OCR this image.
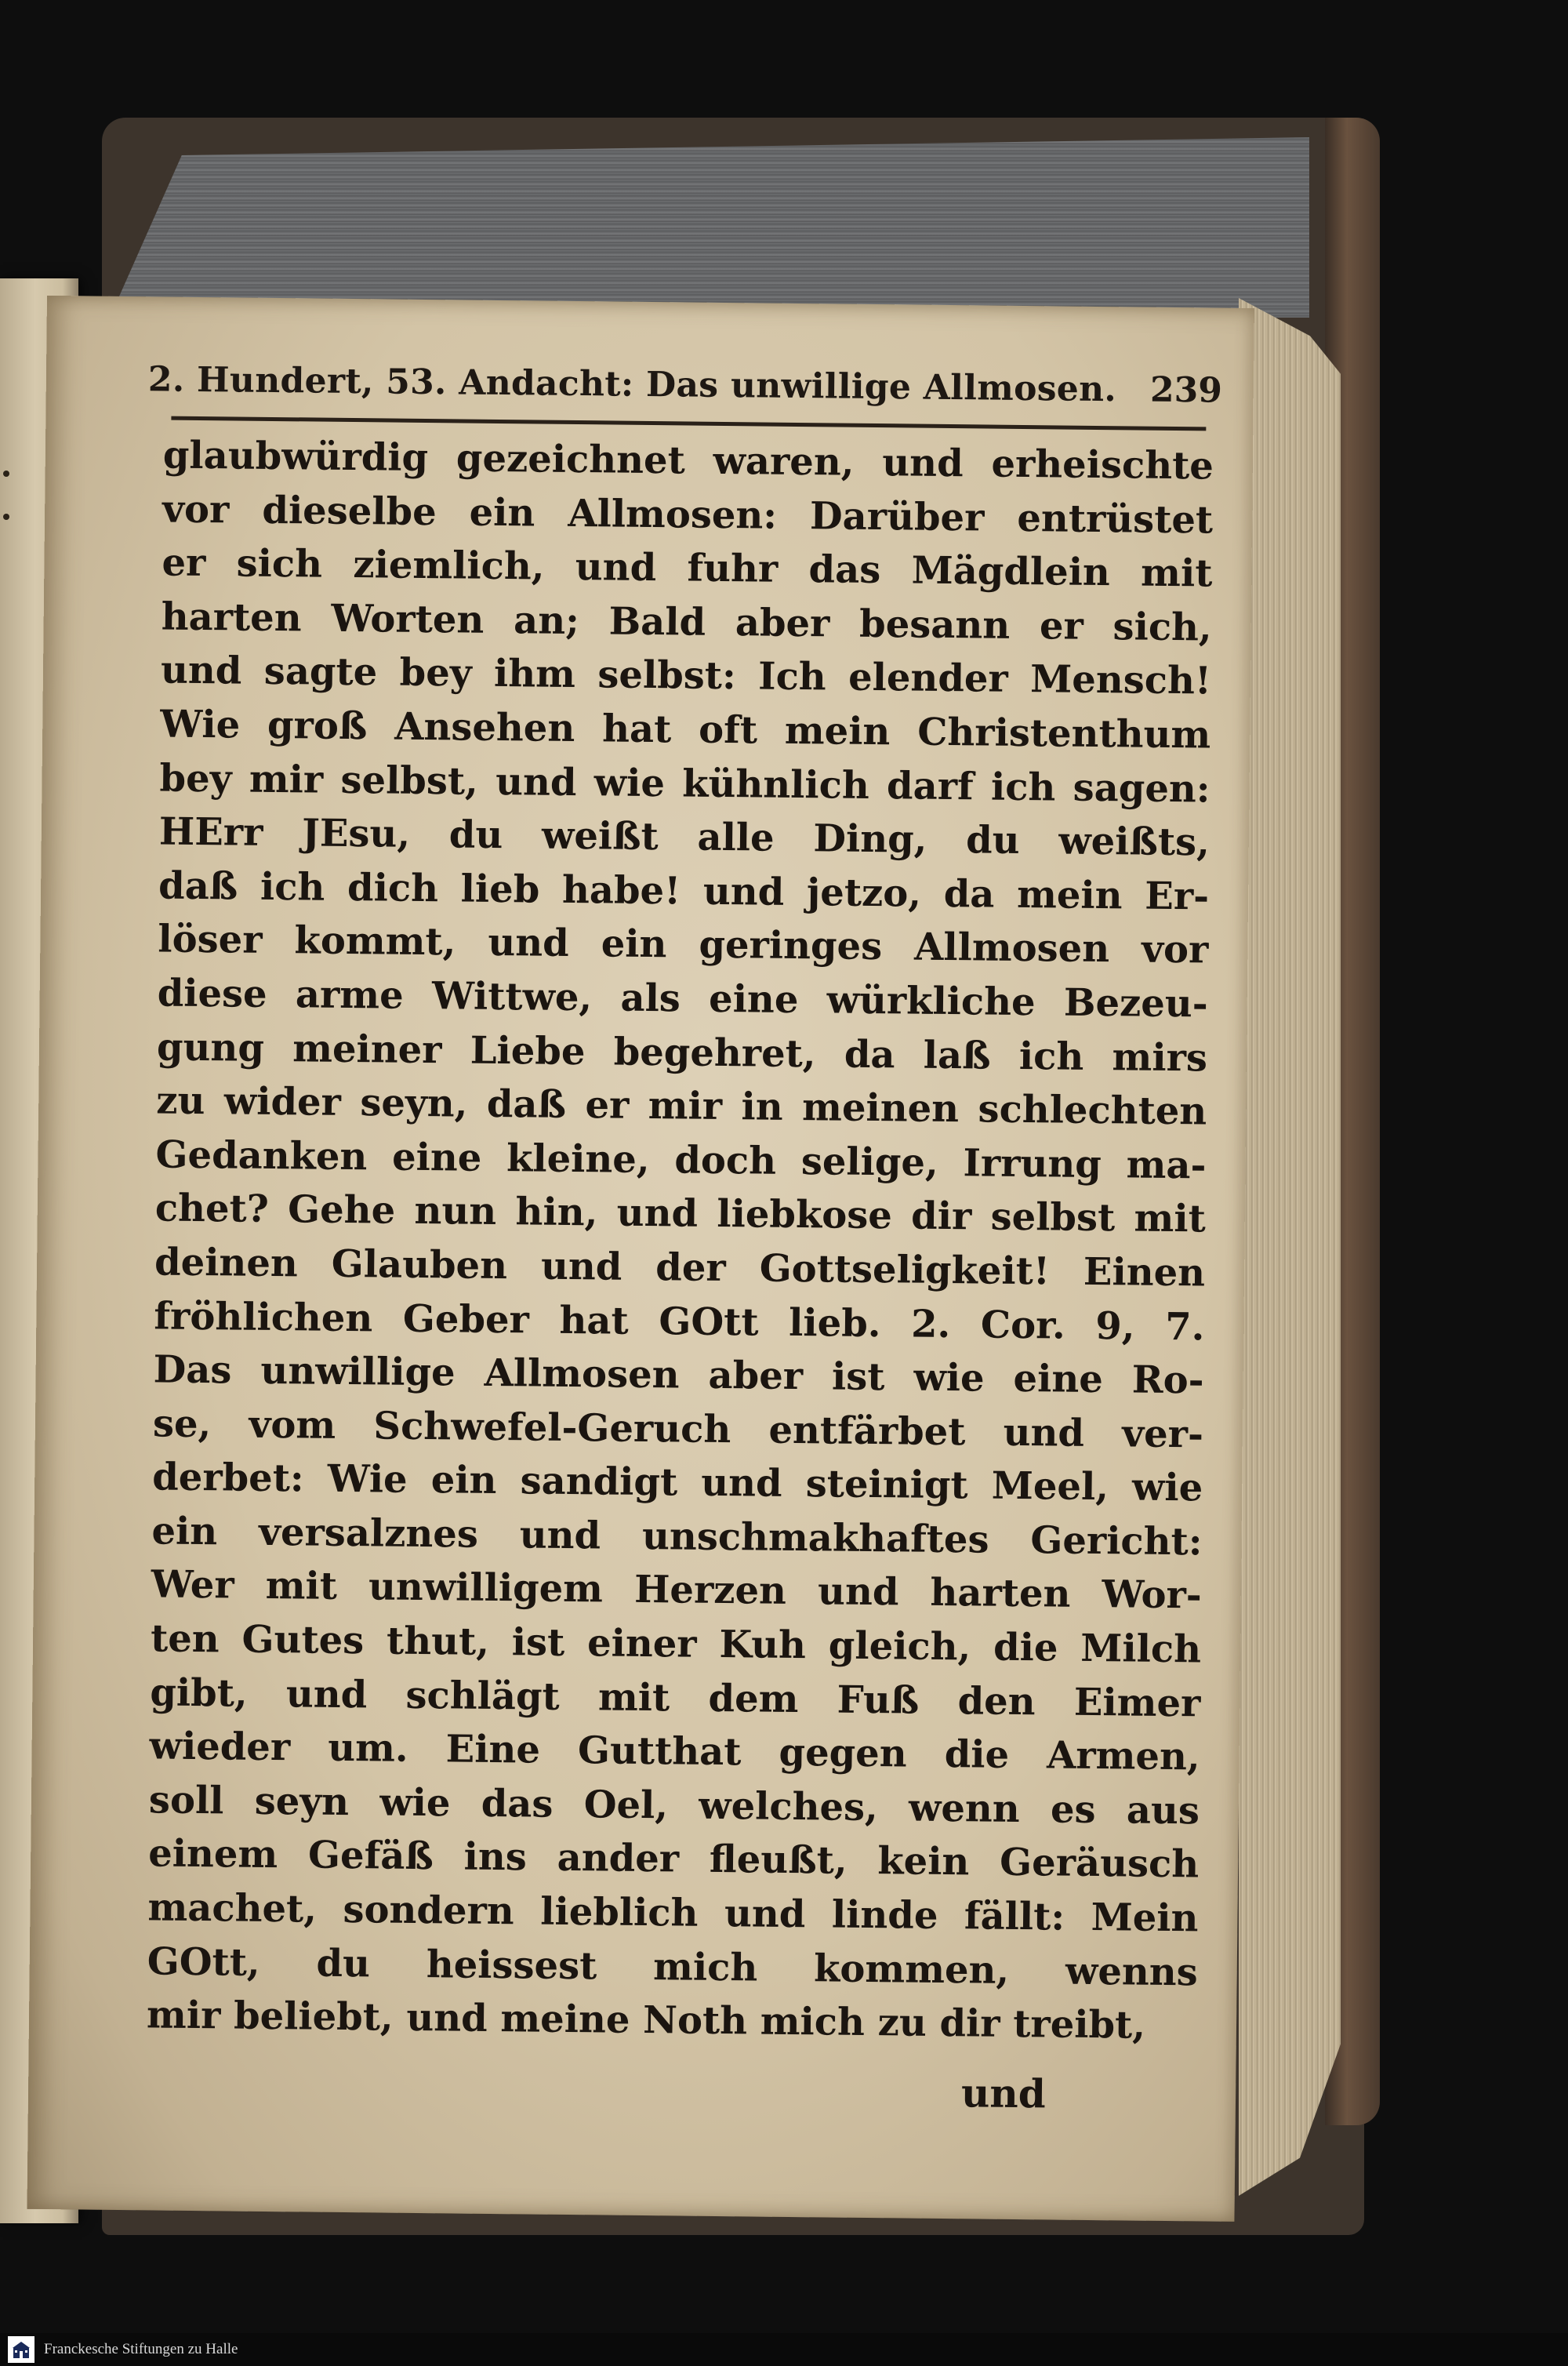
2. Hundert, 53. Andacht: Das unwillige Allmosen. 239
glaubwürdig gezeichnet waren, und erheischte
vor dieselbe ein Allmosen: Darüber entrüstet
er sich ziemlich, und fuhr das Mägdlein mit
harten Worten an; Bald aber besann er sich,
und sagte bey ihm selbst: Ich elender Mensch!
Wie groß Ansehen hat oft mein Christenthum
bey mir selbst, und wie kühnlich darf ich sagen:
HErr JEsu, du weißt alle Ding, du weißts,
daß ich dich lieb habe! und jetzo, da mein Er-
löser kommt, und ein geringes Allmosen vor
diese arme Wittwe, als eine würkliche Bezeu-
gung meiner Liebe begehret, da laß ich mirs
zu wider seyn, daß er mir in meinen schlechten
Gedanken eine kleine, doch selige, Irrung ma-
chet? Gehe nun hin, und liebkose dir selbst mit
deinen Glauben und der Gottseligkeit! Einen
fröhlichen Geber hat GOtt lieb. 2. Cor. 9, 7.
Das unwillige Allmosen aber ist wie eine Ro-
se, vom Schwefel-Geruch entfärbet und ver-
derbet: Wie ein sandigt und steinigt Meel, wie
ein versalznes und unschmakhaftes Gericht:
Wer mit unwilligem Herzen und harten Wor-
ten Gutes thut, ist einer Kuh gleich, die Milch
gibt, und schlägt mit dem Fuß den Eimer
wieder um. Eine Gutthat gegen die Armen,
soll seyn wie das Oel, welches, wenn es aus
einem Gefäß ins ander fleußt, kein Geräusch
machet, sondern lieblich und linde fällt: Mein
GOtt, du heissest mich kommen, wenns
mir beliebt, und meine Noth mich zu dir treibt,
und
Franckesche Stiftungen zu Halle
